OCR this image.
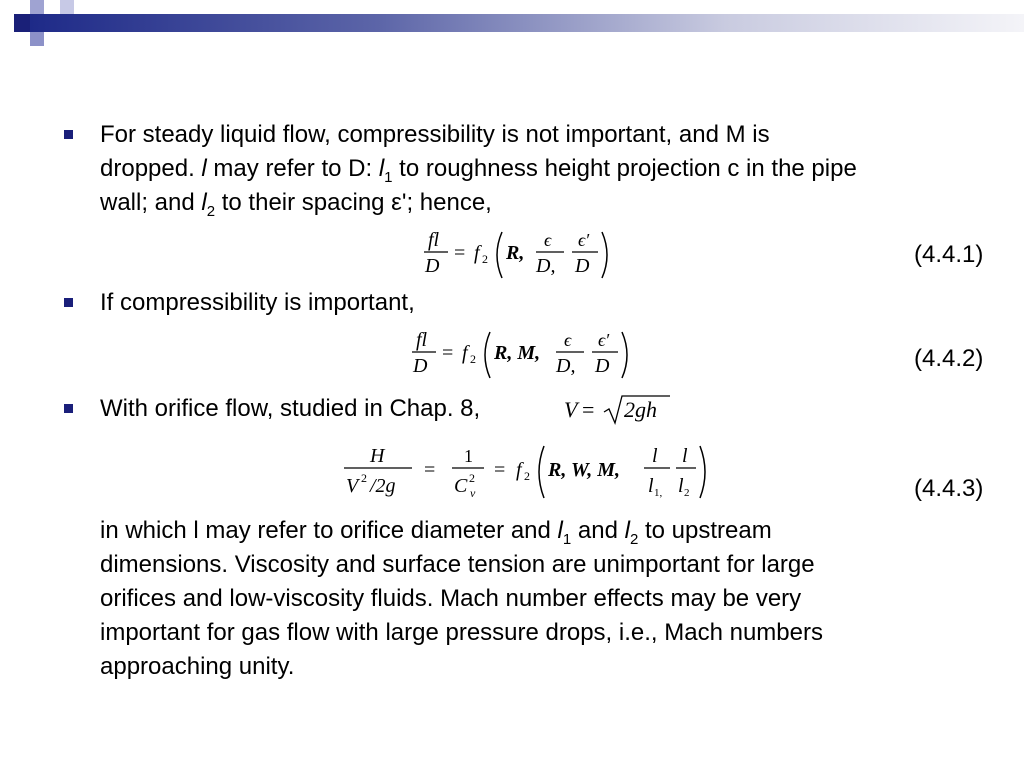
For steady liquid flow, compressibility is not important, and M is
dropped. l may refer to D: $l_1$ to roughness height projection c in the pipe
wall; and $l_2$ to their spacing ε'; hence,
fl
D
= f 2 R,
ϵ
D,
ϵ′
D	(4.4.1)
If compressibility is important,
fl
D
= f 2 R, M,
ϵ
D,
ϵ′
D	(4.4.2)
With orifice flow, studied in Chap. 8,	V = 2gh
H
V 2 /2g
=
1
C 2
v
= f 2 R, W, M,
l
l 1,
l
l 2	(4.4.3)
in which l may refer to orifice diameter and $l_1$ and $l_2$ to upstream
dimensions. Viscosity and surface tension are unimportant for large
orifices and low-viscosity fluids. Mach number effects may be very
important for gas flow with large pressure drops, i.e., Mach numbers
approaching unity.
